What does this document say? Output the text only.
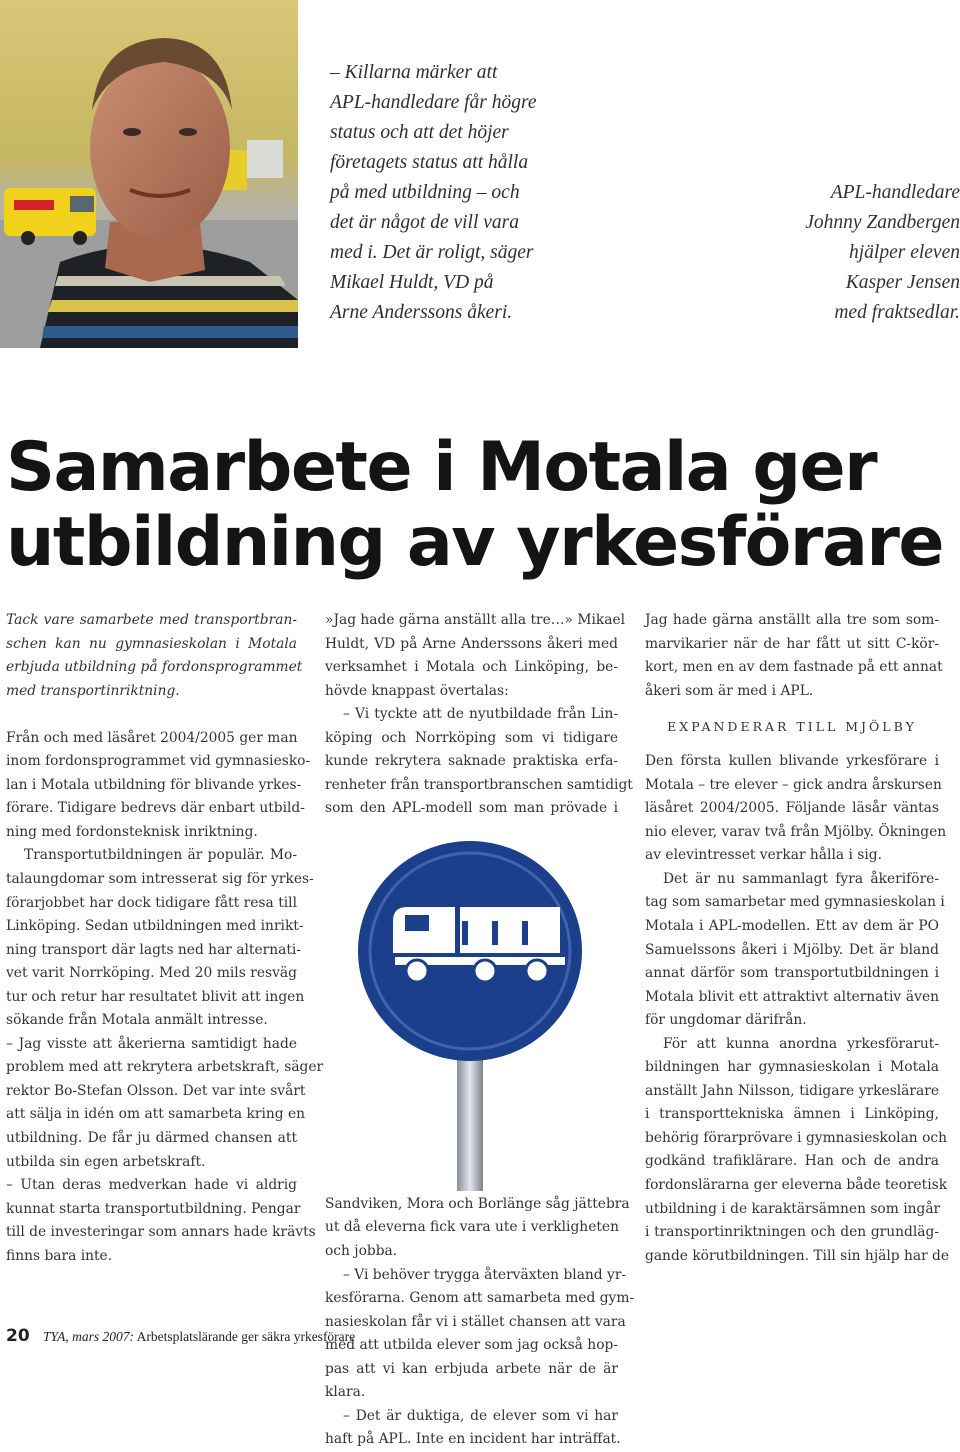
– Killarna märker att
APL-handledare får högre
status och att det höjer
företagets status att hålla
på med utbildning – och
det är något de vill vara
med i. Det är roligt, säger
Mikael Huldt, VD på
Arne Anderssons åkeri.
APL-handledare
Johnny Zandbergen
hjälper eleven
Kasper Jensen
med fraktsedlar.
Samarbete i Motala ger
utbildning av yrkesförare
Tack vare samarbete med transportbran-
schen kan nu gymnasieskolan i Motala
erbjuda utbildning på fordonsprogrammet
med transportinriktning.
Från och med läsåret 2004/2005 ger man
inom fordonsprogrammet vid gymnasiesko-
lan i Motala utbildning för blivande yrkes-
förare. Tidigare bedrevs där enbart utbild-
ning med fordonsteknisk inriktning.
Transportutbildningen är populär. Mo-
talaungdomar som intresserat sig för yrkes-
förarjobbet har dock tidigare fått resa till
Linköping. Sedan utbildningen med inrikt-
ning transport där lagts ned har alternati-
vet varit Norrköping. Med 20 mils resväg
tur och retur har resultatet blivit att ingen
sökande från Motala anmält intresse.
– Jag visste att åkerierna samtidigt hade
problem med att rekrytera arbetskraft, säger
rektor Bo-Stefan Olsson. Det var inte svårt
att sälja in idén om att samarbeta kring en
utbildning. De får ju därmed chansen att
utbilda sin egen arbetskraft.
– Utan deras medverkan hade vi aldrig
kunnat starta transportutbildning. Pengar
till de investeringar som annars hade krävts
finns bara inte.
»Jag hade gärna anställt alla tre…» Mikael
Huldt, VD på Arne Anderssons åkeri med
verksamhet i Motala och Linköping, be-
hövde knappast övertalas:
– Vi tyckte att de nyutbildade från Lin-
köping och Norrköping som vi tidigare
kunde rekrytera saknade praktiska erfa-
renheter från transportbranschen samtidigt
som den APL-modell som man prövade i
Sandviken, Mora och Borlänge såg jättebra
ut då eleverna fick vara ute i verkligheten
och jobba.
– Vi behöver trygga återväxten bland yr-
kesförarna. Genom att samarbeta med gym-
nasieskolan får vi i stället chansen att vara
med att utbilda elever som jag också hop-
pas att vi kan erbjuda arbete när de är
klara.
– Det är duktiga, de elever som vi har
haft på APL. Inte en incident har inträffat.
Jag hade gärna anställt alla tre som som-
marvikarier när de har fått ut sitt C-kör-
kort, men en av dem fastnade på ett annat
åkeri som är med i APL.
EXPANDERAR TILL MJÖLBY
Den första kullen blivande yrkesförare i
Motala – tre elever – gick andra årskursen
läsåret 2004/2005. Följande läsår väntas
nio elever, varav två från Mjölby. Ökningen
av elevintresset verkar hålla i sig.
Det är nu sammanlagt fyra åkeriföre-
tag som samarbetar med gymnasieskolan i
Motala i APL-modellen. Ett av dem är PO
Samuelssons åkeri i Mjölby. Det är bland
annat därför som transportutbildningen i
Motala blivit ett attraktivt alternativ även
för ungdomar därifrån.
För att kunna anordna yrkesförarut-
bildningen har gymnasieskolan i Motala
anställt Jahn Nilsson, tidigare yrkeslärare
i transporttekniska ämnen i Linköping,
behörig förarprövare i gymnasieskolan och
godkänd trafiklärare. Han och de andra
fordonslärarna ger eleverna både teoretisk
utbildning i de karaktärsämnen som ingår
i transportinriktningen och den grundläg-
gande körutbildningen. Till sin hjälp har de
20 TYA, mars 2007: Arbetsplatslärande ger säkra yrkesförare
